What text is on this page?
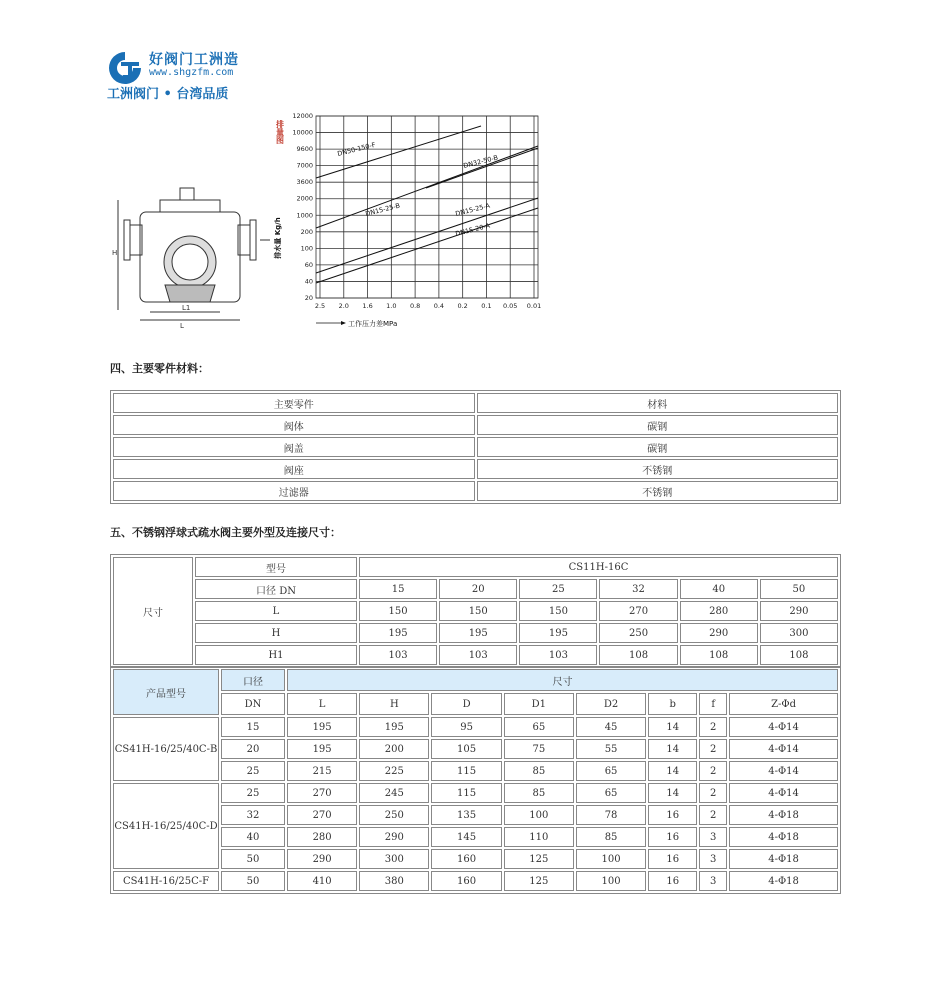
好阀门工洲造
www.shgzfm.com
工洲阀门 • 台湾品质
H
L
L1
12000
10000
9600
7000
3600
2000
1000
200
100
60
40
20
2.5 2.0 1.6 1.0 0.8 0.4 0.2 0.1 0.05 0.01
DN50-150-F
DN32-50-B
DN15-25-B	DN15-25-A
DN15-20-A
排量图
排水量 Kg/h
工作压力差MPa
四、主要零件材料：
主要零件	材料
阀体	碳钢
阀盖	碳钢
阀座	不锈钢
过滤器	不锈钢
五、不锈钢浮球式疏水阀主要外型及连接尺寸：
尺寸	型号	CS11H-16C					
	口径 DN	15	20	25	32	40	50
	L	150	150	150	270	280	290
	H	195	195	195	250	290	300
	H1	103	103	103	108	108	108
产品型号	口径	尺寸							
	DN	L	H	D	D1	D2	b	f	Z-Φd
CS41H-16/25/40C-B	15	195	195	95	65	45	14	2	4-Φ14
	20	195	200	105	75	55	14	2	4-Φ14
	25	215	225	115	85	65	14	2	4-Φ14
CS41H-16/25/40C-D	25	270	245	115	85	65	14	2	4-Φ14
	32	270	250	135	100	78	16	2	4-Φ18
	40	280	290	145	110	85	16	3	4-Φ18
	50	290	300	160	125	100	16	3	4-Φ18
CS41H-16/25C-F	50	410	380	160	125	100	16	3	4-Φ18
